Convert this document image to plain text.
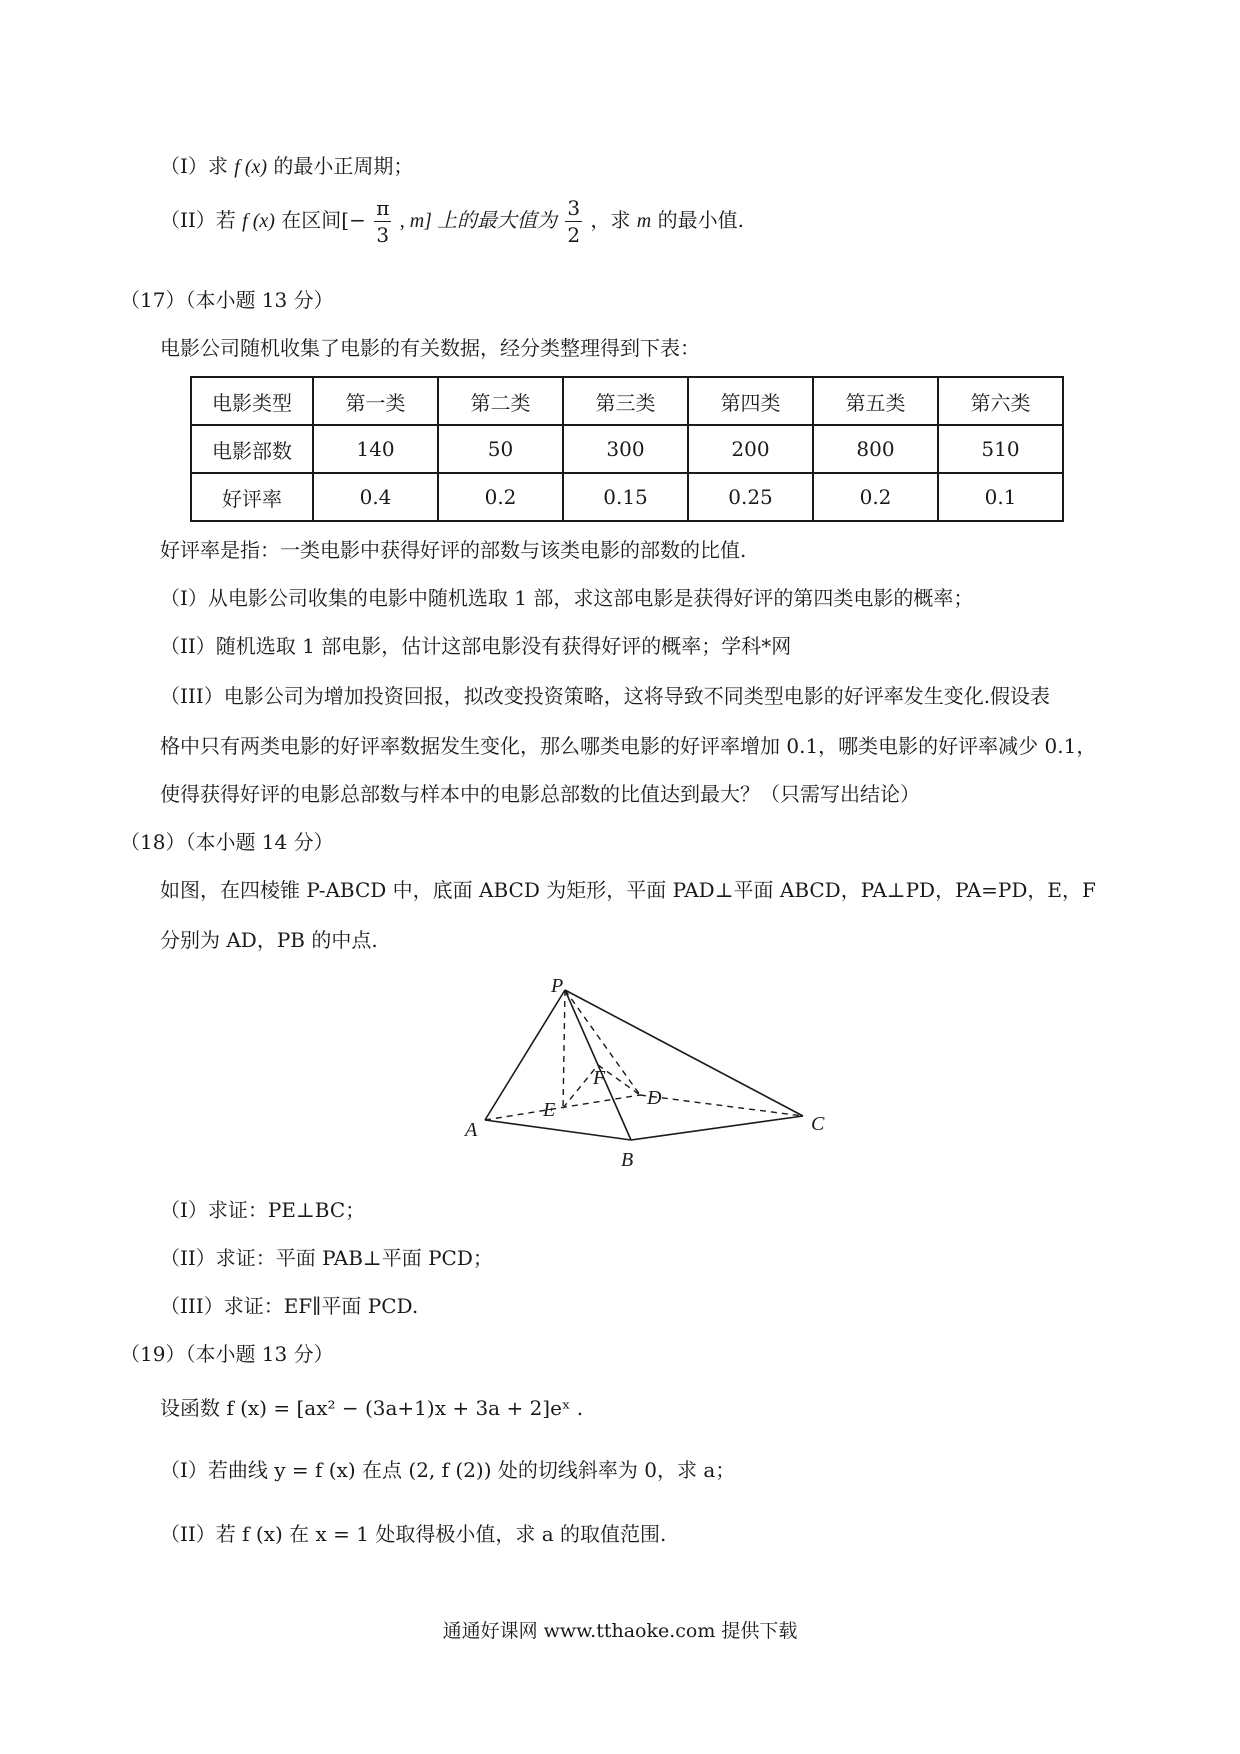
（I）求 f (x) 的最小正周期；
（II）若 f (x) 在区间[− $\frac{\pi}{3}$ , m] 上的最大值为 $\frac{3}{2}$ ，求 m 的最小值.
（17）（本小题 13 分）
电影公司随机收集了电影的有关数据，经分类整理得到下表：
电影类型	第一类	第二类	第三类	第四类	第五类	第六类
电影部数	140	50	300	200	800	510
好评率	0.4	0.2	0.15	0.25	0.2	0.1
好评率是指：一类电影中获得好评的部数与该类电影的部数的比值.
（I）从电影公司收集的电影中随机选取 1 部，求这部电影是获得好评的第四类电影的概率；
（II）随机选取 1 部电影，估计这部电影没有获得好评的概率；学科*网
（III）电影公司为增加投资回报，拟改变投资策略，这将导致不同类型电影的好评率发生变化.假设表
格中只有两类电影的好评率数据发生变化，那么哪类电影的好评率增加 0.1，哪类电影的好评率减少 0.1，
使得获得好评的电影总部数与样本中的电影总部数的比值达到最大？（只需写出结论）
（18）（本小题 14 分）
如图，在四棱锥 P-ABCD 中，底面 ABCD 为矩形，平面 PAD⊥平面 ABCD，PA⊥PD，PA=PD，E，F
分别为 AD，PB 的中点.
P
A
B
C
D
E
F
（I）求证：PE⊥BC；
（II）求证：平面 PAB⊥平面 PCD；
（III）求证：EF∥平面 PCD.
（19）（本小题 13 分）
设函数 f (x) = [ax² − (3a+1)x + 3a + 2]eˣ .
（I）若曲线 y = f (x) 在点 (2, f (2)) 处的切线斜率为 0，求 a；
（II）若 f (x) 在 x = 1 处取得极小值，求 a 的取值范围.
通通好课网 www.tthaoke.com 提供下载
